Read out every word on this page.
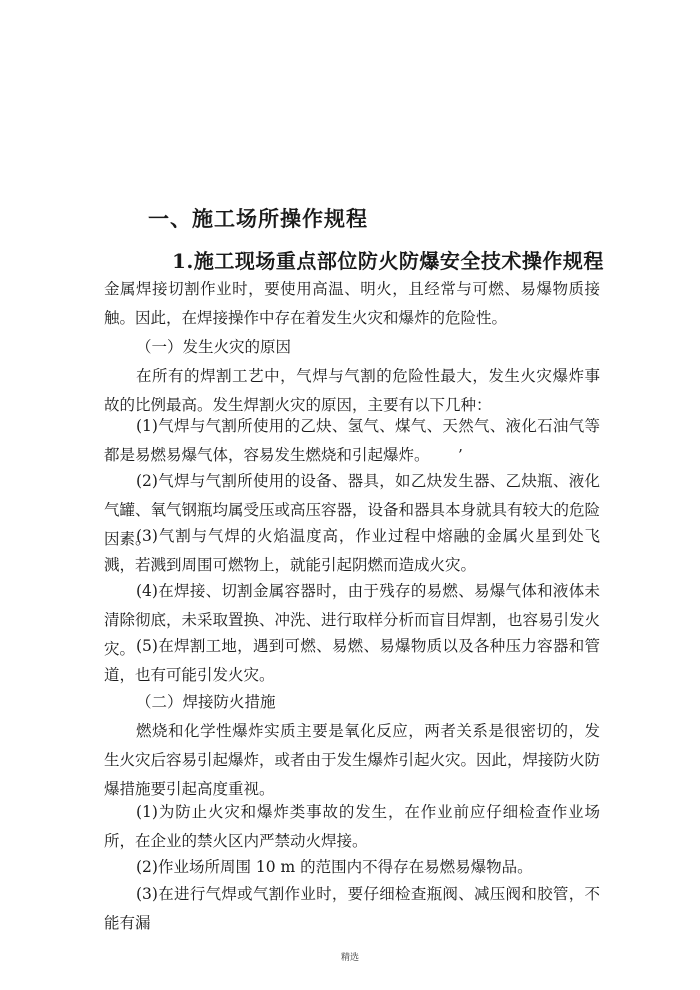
一、施工场所操作规程
1.施工现场重点部位防火防爆安全技术操作规程
金属焊接切割作业时，要使用高温、明火，且经常与可燃、易爆物质接触。因此，在焊接操作中存在着发生火灾和爆炸的危险性。
（一）发生火灾的原因
在所有的焊割工艺中，气焊与气割的危险性最大，发生火灾爆炸事故的比例最高。发生焊割火灾的原因，主要有以下几种：
(1)气焊与气割所使用的乙炔、氢气、煤气、天然气、液化石油气等都是易燃易爆气体，容易发生燃烧和引起爆炸。	’
(2)气焊与气割所使用的设备、器具，如乙炔发生器、乙炔瓶、液化气罐、氧气钢瓶均属受压或高压容器，设备和器具本身就具有较大的危险因素。
(3)气割与气焊的火焰温度高，作业过程中熔融的金属火星到处飞溅，若溅到周围可燃物上，就能引起阴燃而造成火灾。
(4)在焊接、切割金属容器时，由于残存的易燃、易爆气体和液体未清除彻底，未采取置换、冲洗、进行取样分析而盲目焊割，也容易引发火灾。 (5)在焊割工地，遇到可燃、易燃、易爆物质以及各种压力容器和管道，也有可能引发火灾。
（二）焊接防火措施
燃烧和化学性爆炸实质主要是氧化反应，两者关系是很密切的，发生火灾后容易引起爆炸，或者由于发生爆炸引起火灾。因此，焊接防火防爆措施要引起高度重视。
(1)为防止火灾和爆炸类事故的发生，在作业前应仔细检查作业场所，在企业的禁火区内严禁动火焊接。
(2)作业场所周围 10 m 的范围内不得存在易燃易爆物品。
(3)在进行气焊或气割作业时，要仔细检查瓶阀、减压阀和胶管，不能有漏
精选
